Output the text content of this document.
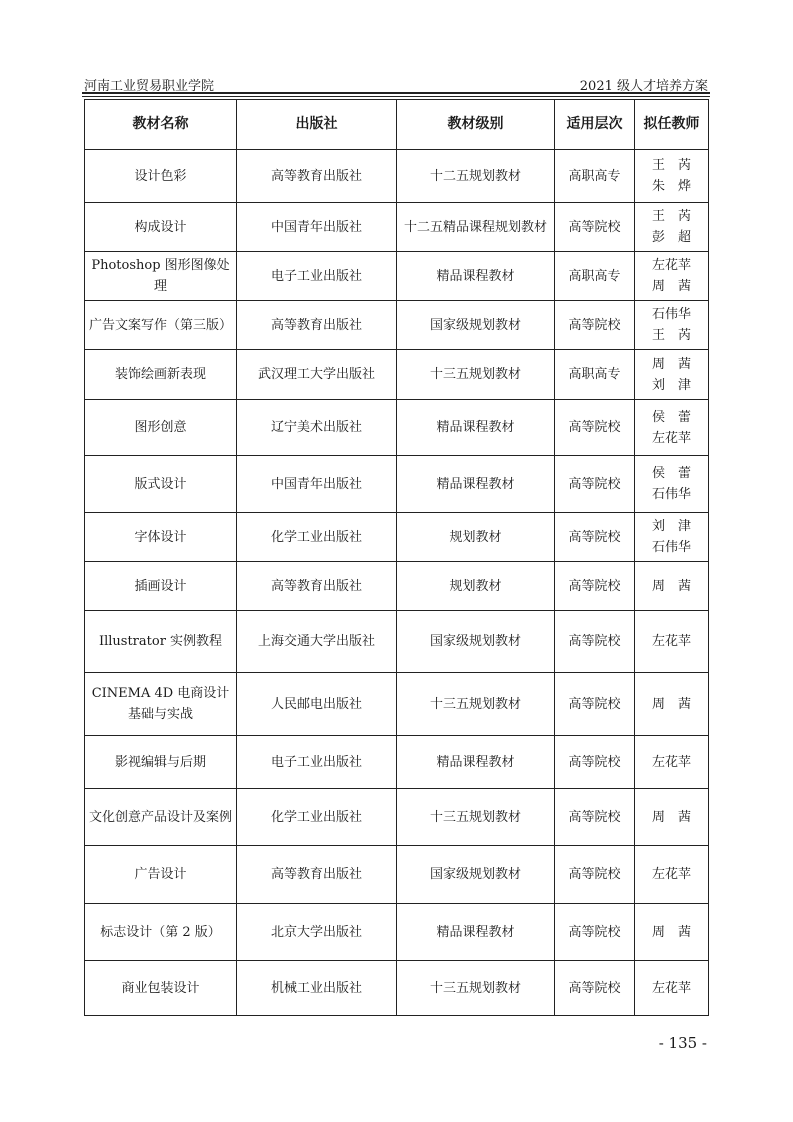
河南工业贸易职业学院	2021 级人才培养方案
教材名称	出版社	教材级别	适用层次	拟任教师
设计色彩	高等教育出版社	十二五规划教材	高职高专	王　芮
朱　烨
构成设计	中国青年出版社	十二五精品课程规划教材	高等院校	王　芮
彭　超
Photoshop 图形图像处理	电子工业出版社	精品课程教材	高职高专	左花苹
周　茜
广告文案写作（第三版）	高等教育出版社	国家级规划教材	高等院校	石伟华
王　芮
装饰绘画新表现	武汉理工大学出版社	十三五规划教材	高职高专	周　茜
刘　津
图形创意	辽宁美术出版社	精品课程教材	高等院校	侯　蕾
左花苹
版式设计	中国青年出版社	精品课程教材	高等院校	侯　蕾
石伟华
字体设计	化学工业出版社	规划教材	高等院校	刘　津
石伟华
插画设计	高等教育出版社	规划教材	高等院校	周　茜
Illustrator 实例教程	上海交通大学出版社	国家级规划教材	高等院校	左花苹
CINEMA 4D 电商设计基础与实战	人民邮电出版社	十三五规划教材	高等院校	周　茜
影视编辑与后期	电子工业出版社	精品课程教材	高等院校	左花苹
文化创意产品设计及案例	化学工业出版社	十三五规划教材	高等院校	周　茜
广告设计	高等教育出版社	国家级规划教材	高等院校	左花苹
标志设计（第 2 版）	北京大学出版社	精品课程教材	高等院校	周　茜
商业包装设计	机械工业出版社	十三五规划教材	高等院校	左花苹
- 135 -
